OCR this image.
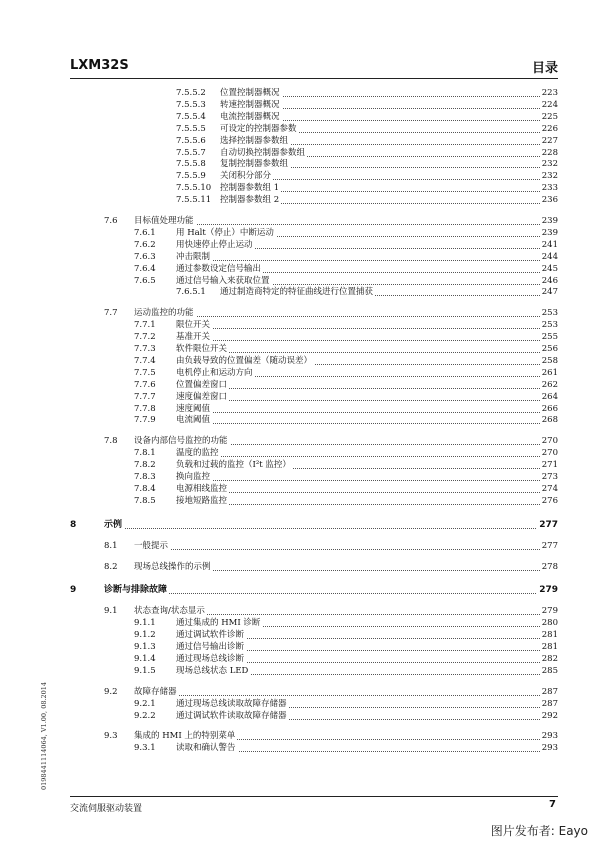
LXM32S	目录
7.5.5.2 位置控制器概况	223
7.5.5.3 转速控制器概况	224
7.5.5.4 电流控制器概况	225
7.5.5.5 可设定的控制器参数	226
7.5.5.6 选择控制器参数组	227
7.5.5.7 自动切换控制器参数组	228
7.5.5.8 复制控制器参数组	232
7.5.5.9 关闭积分部分	232
7.5.5.10 控制器参数组 1	233
7.5.5.11 控制器参数组 2	236
7.6 目标值处理功能	239
7.6.1 用 Halt（停止）中断运动	239
7.6.2 用快速停止停止运动	241
7.6.3 冲击限制	244
7.6.4 通过参数设定信号输出	245
7.6.5 通过信号输入来获取位置	246
7.6.5.1 通过制造商特定的特征曲线进行位置捕获	247
7.7 运动监控的功能	253
7.7.1 限位开关	253
7.7.2 基准开关	255
7.7.3 软件限位开关	256
7.7.4 由负载导致的位置偏差（随动误差）	258
7.7.5 电机停止和运动方向	261
7.7.6 位置偏差窗口	262
7.7.7 速度偏差窗口	264
7.7.8 速度阈值	266
7.7.9 电流阈值	268
7.8 设备内部信号监控的功能	270
7.8.1 温度的监控	270
7.8.2 负载和过载的监控（I²t 监控）	271
7.8.3 换向监控	273
7.8.4 电源相线监控	274
7.8.5 接地短路监控	276
8	示例	277
8.1 一般提示	277
8.2 现场总线操作的示例	278
9	诊断与排除故障	279
9.1 状态查询/状态显示	279
9.1.1 通过集成的 HMI 诊断	280
9.1.2 通过调试软件诊断	281
9.1.3 通过信号输出诊断	281
9.1.4 通过现场总线诊断	282
9.1.5 现场总线状态 LED	285
9.2 故障存储器	287
9.2.1 通过现场总线读取故障存储器	287
9.2.2 通过调试软件读取故障存储器	292
9.3 集成的 HMI 上的特别菜单	293
9.3.1 读取和确认警告	293
交流伺服驱动装置	7
0198441114064, V1.00, 08.2014
图片发布者: Eayo
